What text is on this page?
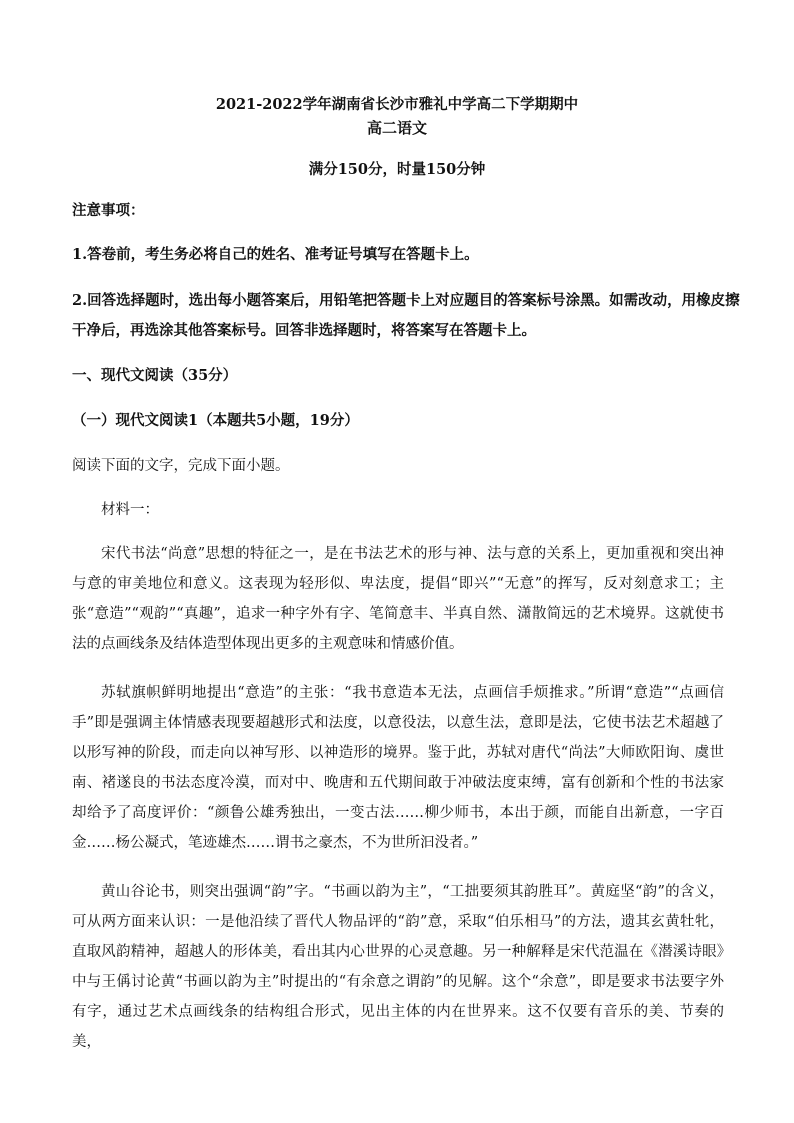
2021-2022学年湖南省长沙市雅礼中学高二下学期期中
高二语文
满分150分，时量150分钟
注意事项：
1.答卷前，考生务必将自己的姓名、准考证号填写在答题卡上。
2.回答选择题时，选出每小题答案后，用铅笔把答题卡上对应题目的答案标号涂黑。如需改动，用橡皮擦
干净后，再选涂其他答案标号。回答非选择题时，将答案写在答题卡上。
一、现代文阅读（35分）
（一）现代文阅读1（本题共5小题，19分）
阅读下面的文字，完成下面小题。
材料一：

宋代书法“尚意”思想的特征之一，是在书法艺术的形与神、法与意的关系上，更加重视和突出神与意的审美地位和意义。这表现为轻形似、卑法度，提倡“即兴”“无意”的挥写，反对刻意求工；主张“意造”“观韵”“真趣”，追求一种字外有字、笔简意丰、半真自然、潇散简远的艺术境界。这就使书法的点画线条及结体造型体现出更多的主观意味和情感价值。

苏轼旗帜鲜明地提出“意造”的主张：“我书意造本无法，点画信手烦推求。”所谓“意造”“点画信手”即是强调主体情感表现要超越形式和法度，以意役法，以意生法，意即是法，它使书法艺术超越了以形写神的阶段，而走向以神写形、以神造形的境界。鉴于此，苏轼对唐代“尚法”大师欧阳询、虞世南、褚遂良的书法态度冷漠，而对中、晚唐和五代期间敢于冲破法度束缚，富有创新和个性的书法家却给予了高度评价：“颜鲁公雄秀独出，一变古法……柳少师书，本出于颜，而能自出新意，一字百金……杨公凝式，笔迹雄杰……谓书之豪杰，不为世所汩没者。”

黄山谷论书，则突出强调“韵”字。“书画以韵为主”，“工拙要须其韵胜耳”。黄庭坚“韵”的含义，可从两方面来认识：一是他沿续了晋代人物品评的“韵”意，采取“伯乐相马”的方法，遗其玄黄牡牝，直取风韵精神，超越人的形体美，看出其内心世界的心灵意趣。另一种解释是宋代范温在《潜溪诗眼》中与王偁讨论黄“书画以韵为主”时提出的“有余意之谓韵”的见解。这个“余意”，即是要求书法要字外有字，通过艺术点画线条的结构组合形式，见出主体的内在世界来。这不仅要有音乐的美、节奏的美，
